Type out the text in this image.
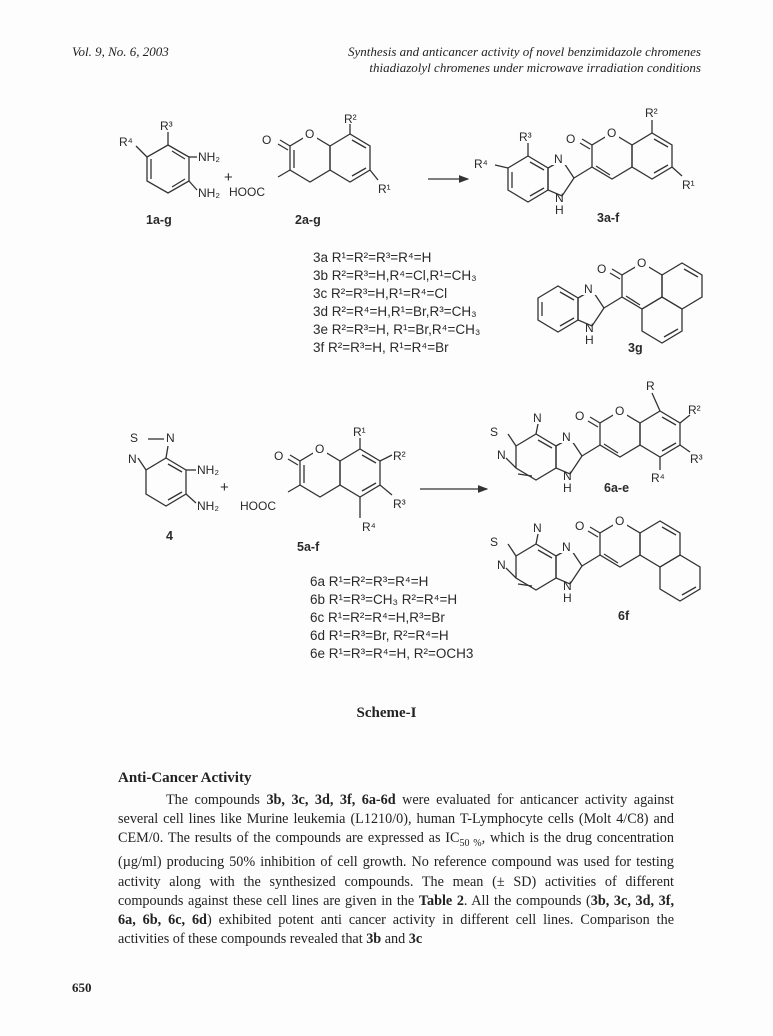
Vol. 9, No. 6, 2003	Synthesis and anticancer activity of novel benzimidazole chromenes
thiadiazolyl chromenes under microwave irradiation conditions
NH₂
NH₂
R³
R⁴
+
1a-g
O
O
HOOC
R²
R¹
2a-g
O
O
N
N
H
R²
R¹
R³
R⁴
3a-f
3a R¹=R²=R³=R⁴=H
3b R²=R³=H,R⁴=Cl,R¹=CH₃
3c R²=R³=H,R¹=R⁴=Cl
3d R²=R⁴=H,R¹=Br,R³=CH₃
3e R²=R³=H, R¹=Br,R⁴=CH₃
3f R²=R³=H, R¹=R⁴=Br
O
O
N
N
H
3g
S N
N
NH₂
NH₂
+
4
O
O
HOOC
R¹
R²
R³
R⁴
5a-f
O
O
N
N
H
S
N
N
R
R²
R³
R⁴
6a-e
6a R¹=R²=R³=R⁴=H
6b R¹=R³=CH₃ R²=R⁴=H
6c R¹=R²=R⁴=H,R³=Br
6d R¹=R³=Br, R²=R⁴=H
6e R¹=R³=R⁴=H, R²=OCH3
O
O
N
N
H
S
N
N
6f
Scheme-I
Anti-Cancer Activity
The compounds 3b, 3c, 3d, 3f, 6a-6d were evaluated for anticancer activity against several cell lines like Murine leukemia (L1210/0), human T-Lymphocyte cells (Molt 4/C8) and CEM/0. The results of the compounds are expressed as $IC_{50 \%}$, which is the drug concentration (µg/ml) producing 50% inhibition of cell growth. No reference compound was used for testing activity along with the synthesized compounds. The mean (± SD) activities of different compounds against these cell lines are given in the Table 2. All the compounds (3b, 3c, 3d, 3f, 6a, 6b, 6c, 6d) exhibited potent anti cancer activity in different cell lines. Comparison the activities of these compounds revealed that 3b and 3c
650
